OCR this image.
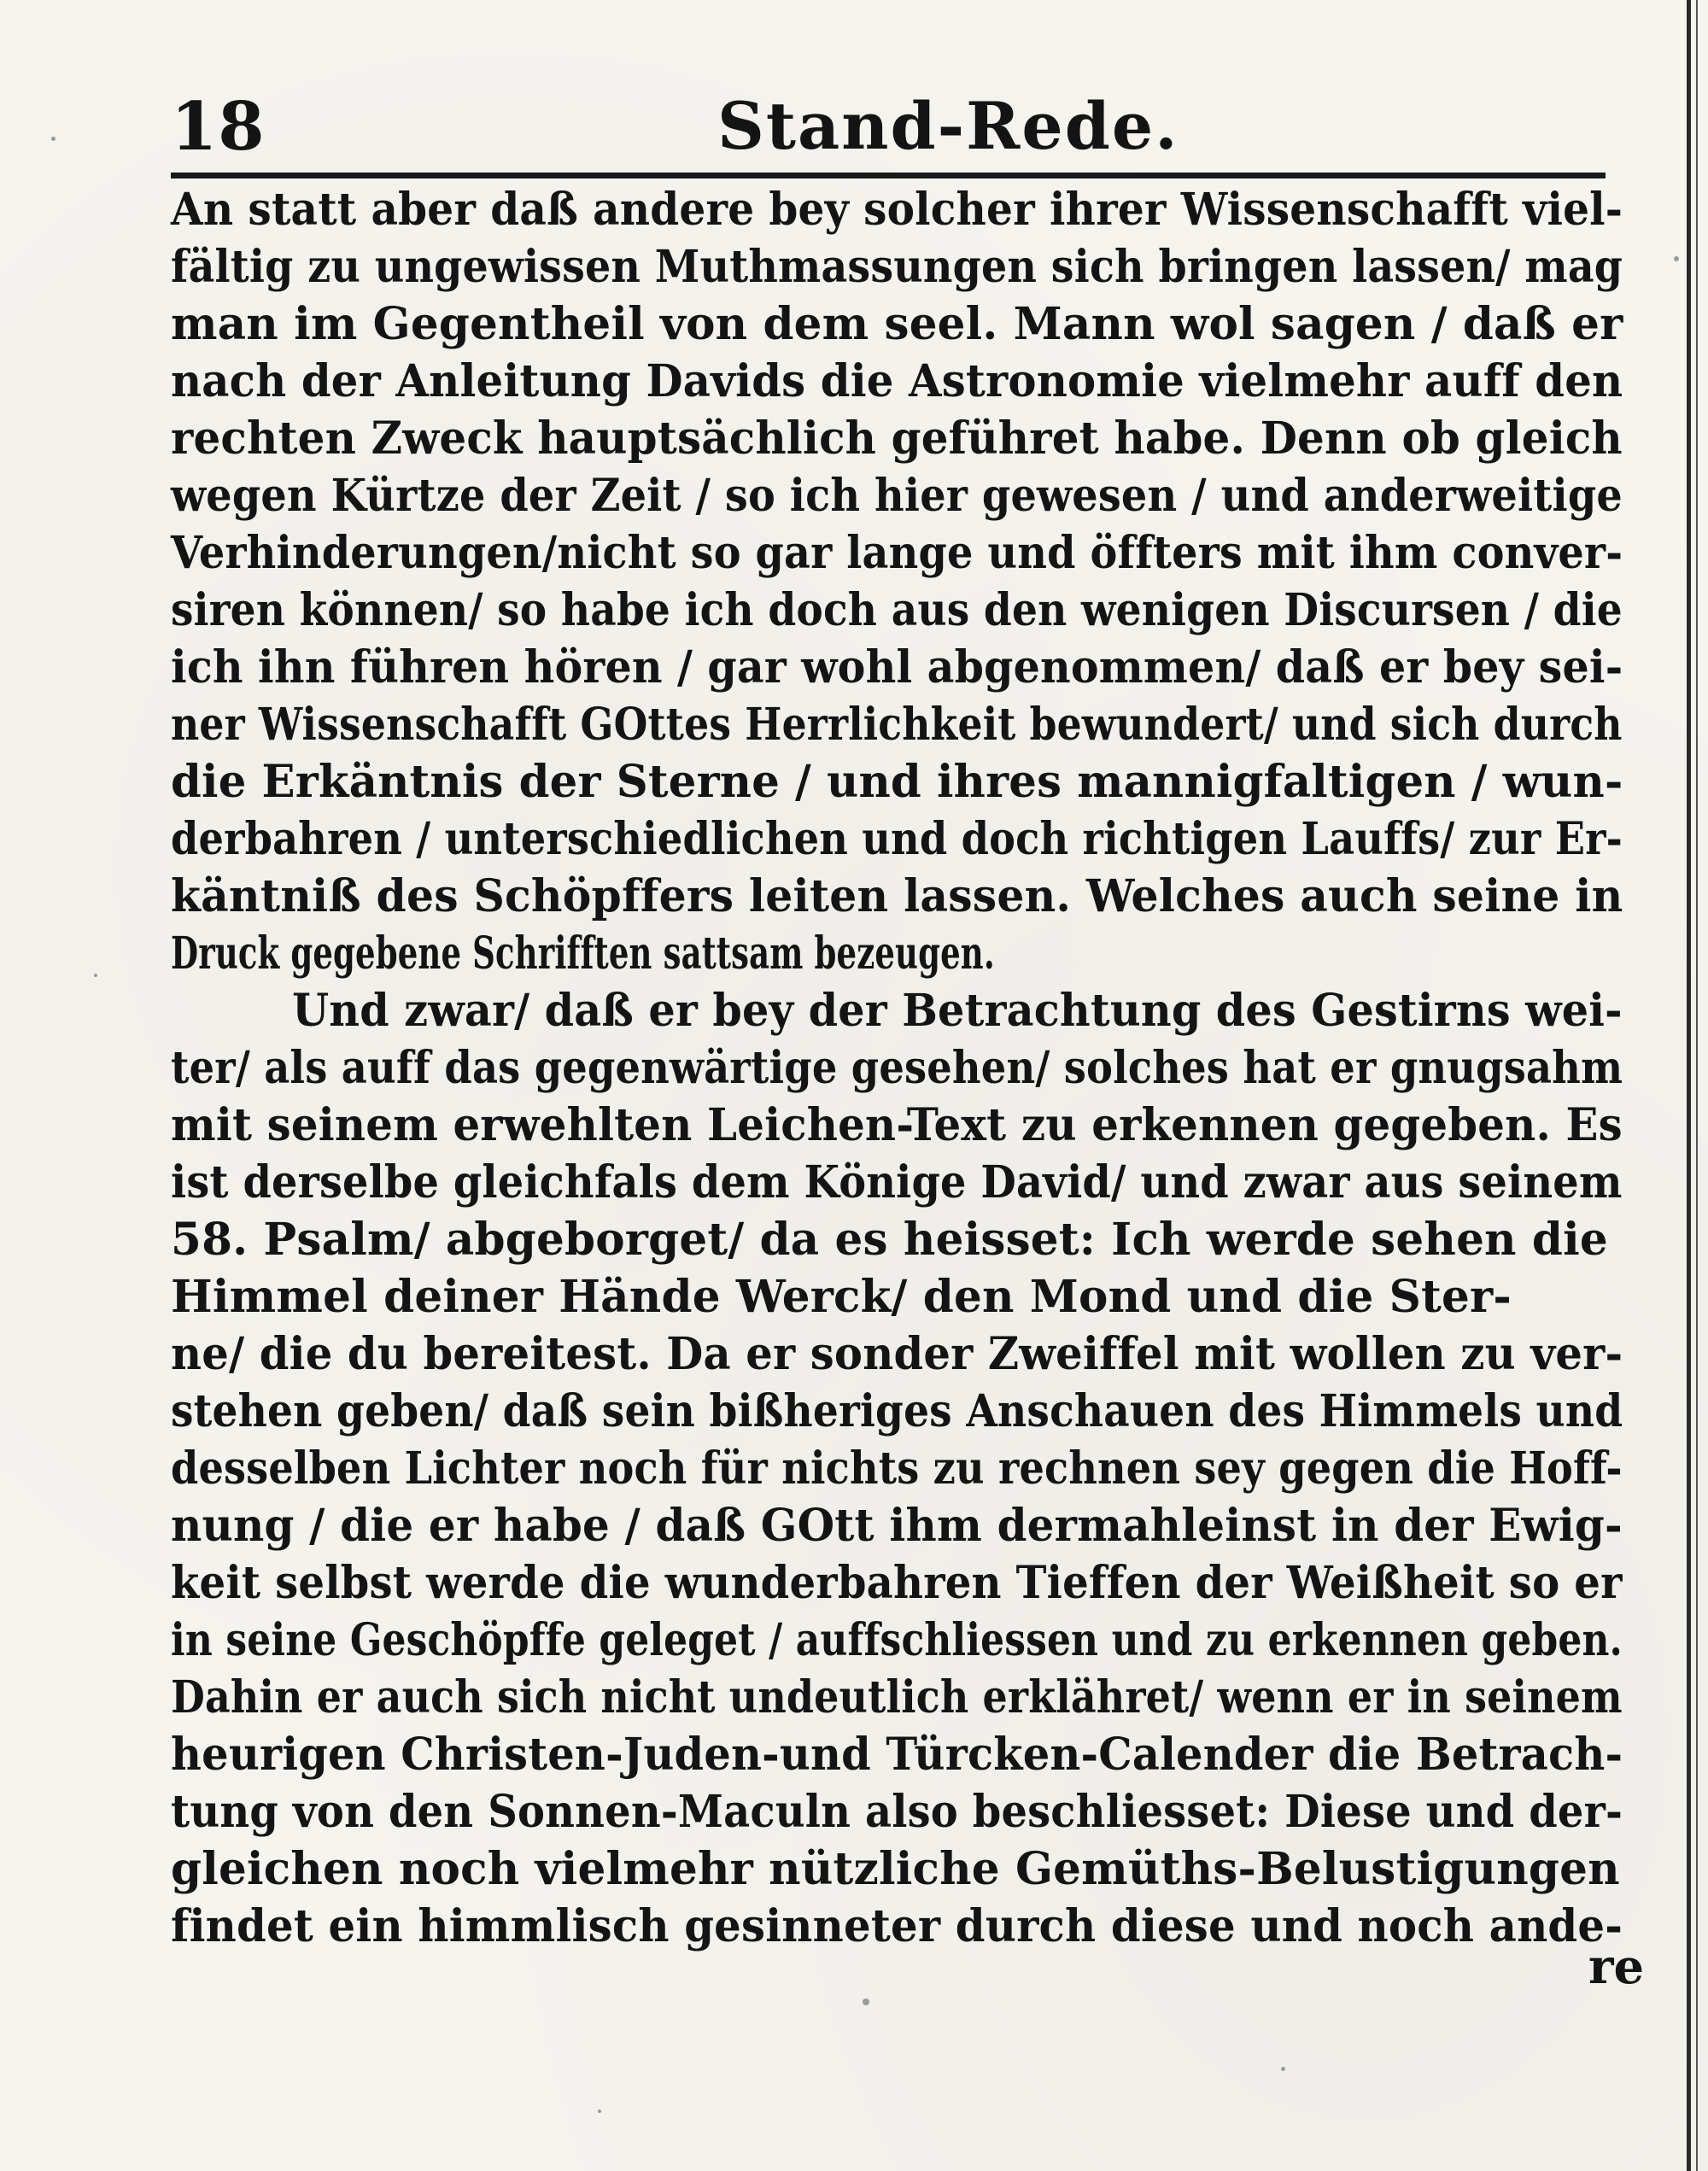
18	Stand-Rede.
An statt aber daß andere bey solcher ihrer Wissenschafft viel-
fältig zu ungewissen Muthmassungen sich bringen lassen/ mag
man im Gegentheil von dem seel. Mann wol sagen / daß er
nach der Anleitung Davids die Astronomie vielmehr auff den
rechten Zweck hauptsächlich geführet habe. Denn ob gleich
wegen Kürtze der Zeit / so ich hier gewesen / und anderweitige
Verhinderungen/nicht so gar lange und öffters mit ihm conver-
siren können/ so habe ich doch aus den wenigen Discursen / die
ich ihn führen hören / gar wohl abgenommen/ daß er bey sei-
ner Wissenschafft GOttes Herrlichkeit bewundert/ und sich durch
die Erkäntnis der Sterne / und ihres mannigfaltigen / wun-
derbahren / unterschiedlichen und doch richtigen Lauffs/ zur Er-
käntniß des Schöpffers leiten lassen. Welches auch seine in
Druck gegebene Schrifften sattsam bezeugen.
Und zwar/ daß er bey der Betrachtung des Gestirns wei-
ter/ als auff das gegenwärtige gesehen/ solches hat er gnugsahm
mit seinem erwehlten Leichen-Text zu erkennen gegeben. Es
ist derselbe gleichfals dem Könige David/ und zwar aus seinem
58. Psalm/ abgeborget/ da es heisset: Ich werde sehen die
Himmel deiner Hände Werck/ den Mond und die Ster-
ne/ die du bereitest. Da er sonder Zweiffel mit wollen zu ver-
stehen geben/ daß sein bißheriges Anschauen des Himmels und
desselben Lichter noch für nichts zu rechnen sey gegen die Hoff-
nung / die er habe / daß GOtt ihm dermahleinst in der Ewig-
keit selbst werde die wunderbahren Tieffen der Weißheit so er
in seine Geschöpffe geleget / auffschliessen und zu erkennen geben.
Dahin er auch sich nicht undeutlich erklähret/ wenn er in seinem
heurigen Christen-Juden-und Türcken-Calender die Betrach-
tung von den Sonnen-Maculn also beschliesset: Diese und der-
gleichen noch vielmehr nützliche Gemüths-Belustigungen
findet ein himmlisch gesinneter durch diese und noch ande-
re
